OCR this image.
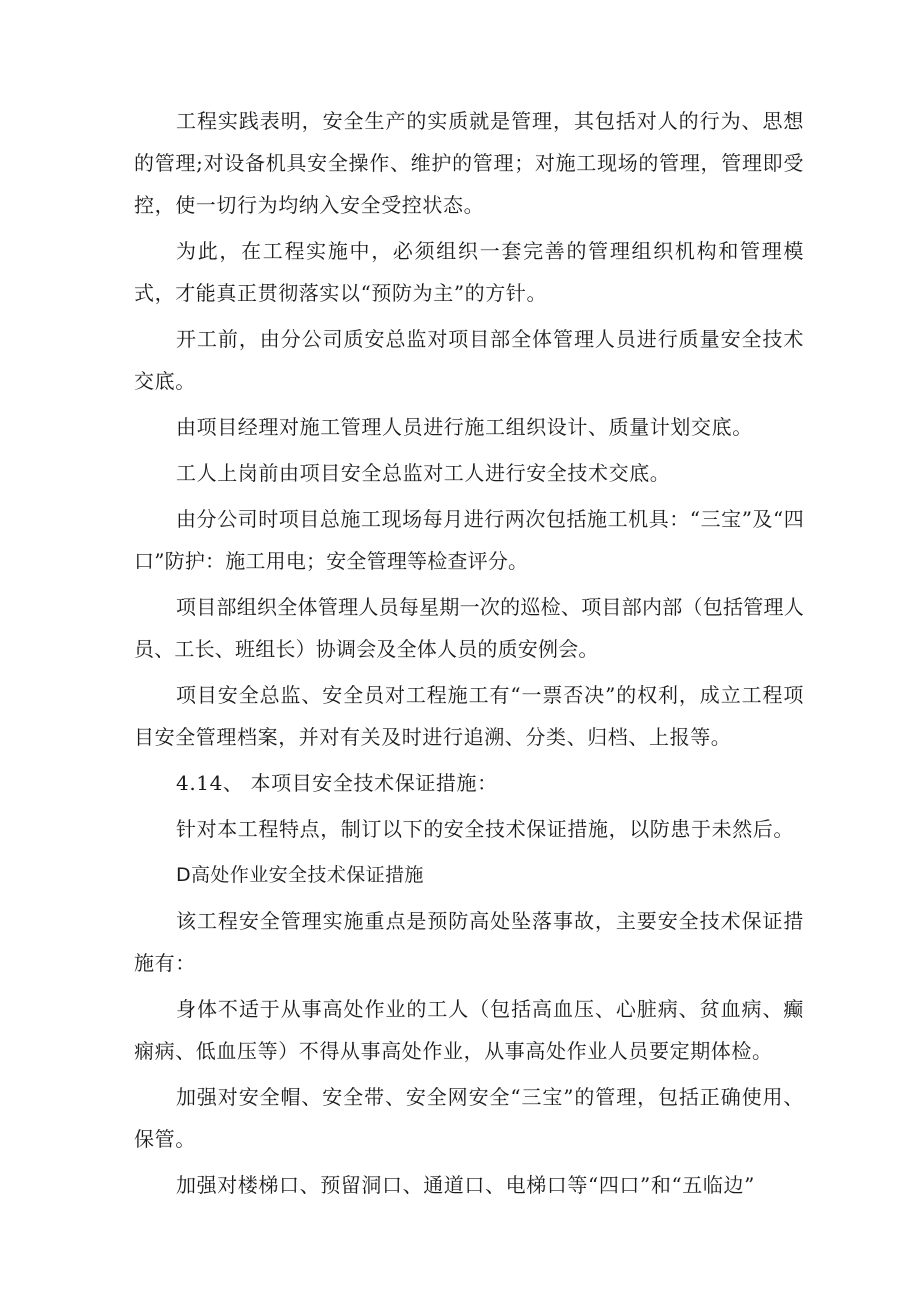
工程实践表明，安全生产的实质就是管理，其包括对人的行为、思想的管理;对设备机具安全操作、维护的管理；对施工现场的管理，管理即受控，使一切行为均纳入安全受控状态。

为此，在工程实施中，必须组织一套完善的管理组织机构和管理模式，才能真正贯彻落实以“预防为主”的方针。

开工前，由分公司质安总监对项目部全体管理人员进行质量安全技术交底。

由项目经理对施工管理人员进行施工组织设计、质量计划交底。

工人上岗前由项目安全总监对工人进行安全技术交底。

由分公司时项目总施工现场每月进行两次包括施工机具：“三宝”及“四口”防护：施工用电；安全管理等检查评分。

项目部组织全体管理人员每星期一次的巡检、项目部内部（包括管理人员、工长、班组长）协调会及全体人员的质安例会。

项目安全总监、安全员对工程施工有“一票否决”的权利，成立工程项目安全管理档案，并对有关及时进行追溯、分类、归档、上报等。

4.14、 本项目安全技术保证措施：

针对本工程特点，制订以下的安全技术保证措施，以防患于未然后。

D高处作业安全技术保证措施

该工程安全管理实施重点是预防高处坠落事故，主要安全技术保证措施有：

身体不适于从事高处作业的工人（包括高血压、心脏病、贫血病、癫痫病、低血压等）不得从事高处作业，从事高处作业人员要定期体检。

加强对安全帽、安全带、安全网安全“三宝”的管理，包括正确使用、保管。

加强对楼梯口、预留洞口、通道口、电梯口等“四口”和“五临边”
